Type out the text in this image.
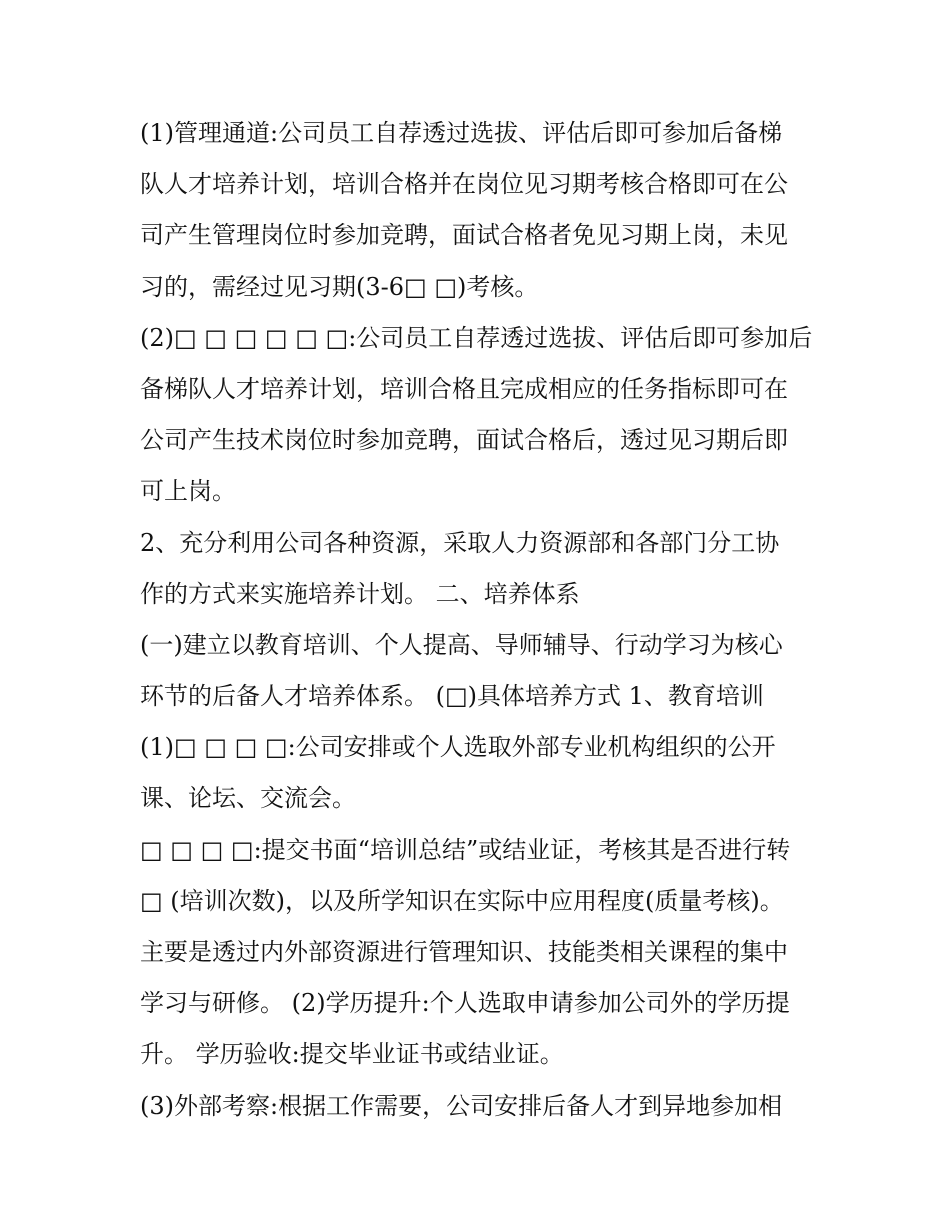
(1)管理通道:公司员工自荐透过选拔、评估后即可参加后备梯
队人才培养计划，培训合格并在岗位见习期考核合格即可在公
司产生管理岗位时参加竞聘，面试合格者免见习期上岗，未见
习的，需经过见习期(3-6□ □)考核。
(2)□ □ □ □ □ □:公司员工自荐透过选拔、评估后即可参加后
备梯队人才培养计划，培训合格且完成相应的任务指标即可在
公司产生技术岗位时参加竞聘，面试合格后，透过见习期后即
可上岗。
2、充分利用公司各种资源，采取人力资源部和各部门分工协
作的方式来实施培养计划。 二、培养体系
(一)建立以教育培训、个人提高、导师辅导、行动学习为核心
环节的后备人才培养体系。 (□)具体培养方式 1、教育培训
(1)□ □ □ □:公司安排或个人选取外部专业机构组织的公开
课、论坛、交流会。
□ □ □ □:提交书面“培训总结”或结业证，考核其是否进行转
□ (培训次数)，以及所学知识在实际中应用程度(质量考核)。
主要是透过内外部资源进行管理知识、技能类相关课程的集中
学习与研修。 (2)学历提升:个人选取申请参加公司外的学历提
升。 学历验收:提交毕业证书或结业证。
(3)外部考察:根据工作需要，公司安排后备人才到异地参加相
